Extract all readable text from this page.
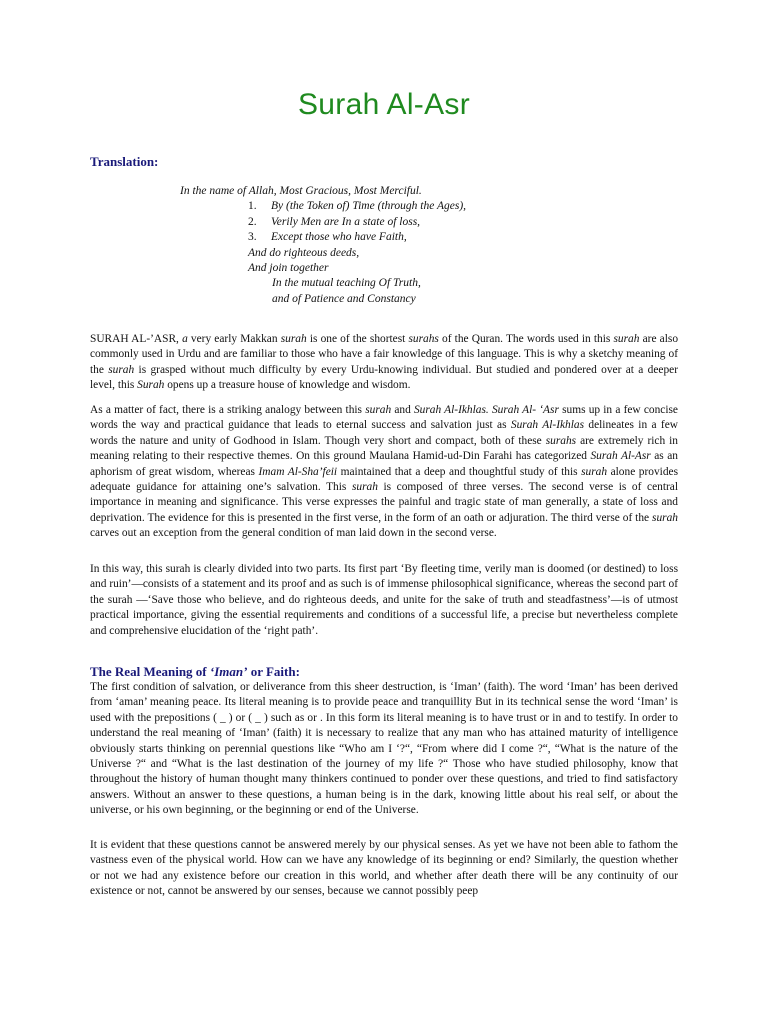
Surah Al-Asr
Translation:
In the name of Allah, Most Gracious, Most Merciful.
1. By (the Token of) Time (through the Ages),
2. Verily Men are In a state of loss,
3. Except those who have Faith,
And do righteous deeds,
And join together
In the mutual teaching Of Truth,
and of Patience and Constancy

SURAH AL-’ASR, a very early Makkan surah is one of the shortest surahs of the Quran. The words used in this surah are also commonly used in Urdu and are familiar to those who have a fair knowledge of this language. This is why a sketchy meaning of the surah is grasped without much difficulty by every Urdu-knowing individual. But studied and pondered over at a deeper level, this Surah opens up a treasure house of knowledge and wisdom.

As a matter of fact, there is a striking analogy between this surah and Surah Al-Ikhlas. Surah Al- ‘Asr sums up in a few concise words the way and practical guidance that leads to eternal success and salvation just as Surah Al-Ikhlas delineates in a few words the nature and unity of Godhood in Islam. Though very short and compact, both of these surahs are extremely rich in meaning relating to their respective themes. On this ground Maulana Hamid-ud-Din Farahi has categorized Surah Al-Asr as an aphorism of great wisdom, whereas Imam Al-Sha’feii maintained that a deep and thoughtful study of this surah alone provides adequate guidance for attaining one’s salvation. This surah is composed of three verses. The second verse is of central importance in meaning and significance. This verse expresses the painful and tragic state of man generally, a state of loss and deprivation. The evidence for this is presented in the first verse, in the form of an oath or adjuration. The third verse of the surah carves out an exception from the general condition of man laid down in the second verse.

In this way, this surah is clearly divided into two parts. Its first part ‘By fleeting time, verily man is doomed (or destined) to loss and ruin’—consists of a statement and its proof and as such is of immense philosophical significance, whereas the second part of the surah —‘Save those who believe, and do righteous deeds, and unite for the sake of truth and steadfastness’—is of utmost practical importance, giving the essential requirements and conditions of a successful life, a precise but nevertheless complete and comprehensive elucidation of the ‘right path’.

The Real Meaning of ‘Iman’ or Faith:

The first condition of salvation, or deliverance from this sheer destruction, is ‘Iman’ (faith). The word ‘Iman’ has been derived from ‘aman’ meaning peace. Its literal meaning is to provide peace and tranquillity But in its technical sense the word ‘Iman’ is used with the prepositions ( _ ) or ( _ ) such as or . In this form its literal meaning is to have trust or in and to testify. In order to understand the real meaning of ‘Iman’ (faith) it is necessary to realize that any man who has attained maturity of intelligence obviously starts thinking on perennial questions like “Who am I ‘?“, “From where did I come ?“, “What is the nature of the Universe ?“ and “What is the last destination of the journey of my life ?“ Those who have studied philosophy, know that throughout the history of human thought many thinkers continued to ponder over these questions, and tried to find satisfactory answers. Without an answer to these questions, a human being is in the dark, knowing little about his real self, or about the universe, or his own beginning, or the beginning or end of the Universe.

It is evident that these questions cannot be answered merely by our physical senses. As yet we have not been able to fathom the vastness even of the physical world. How can we have any knowledge of its beginning or end? Similarly, the question whether or not we had any existence before our creation in this world, and whether after death there will be any continuity of our existence or not, cannot be answered by our senses, because we cannot possibly peep
